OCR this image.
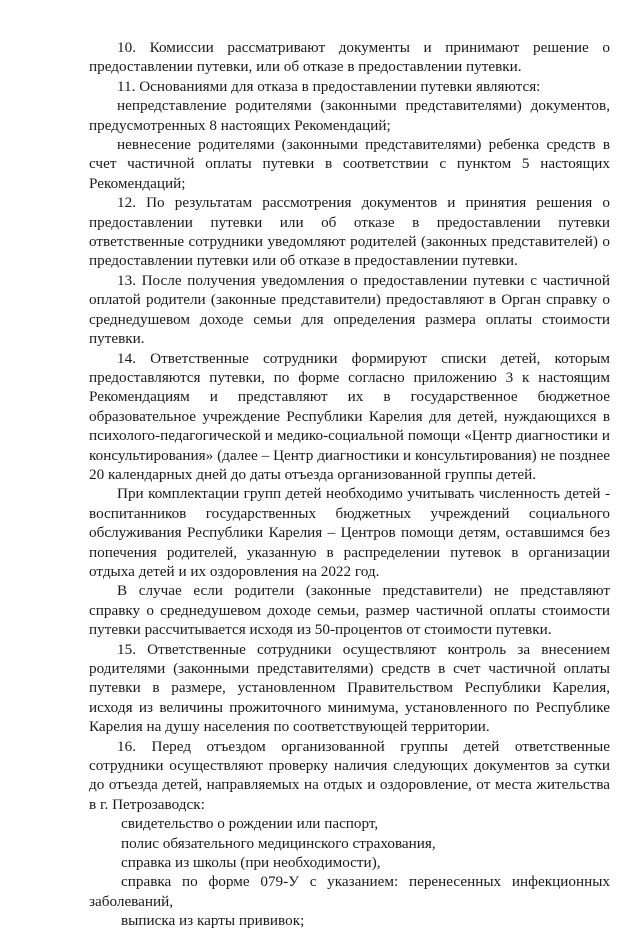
10. Комиссии рассматривают документы и принимают решение о предоставлении путевки, или об отказе в предоставлении путевки.

11. Основаниями для отказа в предоставлении путевки являются:

непредставление родителями (законными представителями) документов, предусмотренных 8 настоящих Рекомендаций;

невнесение родителями (законными представителями) ребенка средств в счет частичной оплаты путевки в соответствии с пунктом 5 настоящих Рекомендаций;

12. По результатам рассмотрения документов и принятия решения о предоставлении путевки или об отказе в предоставлении путевки ответственные сотрудники уведомляют родителей (законных представителей) о предоставлении путевки или об отказе в предоставлении путевки.

13. После получения уведомления о предоставлении путевки с частичной оплатой родители (законные представители) предоставляют в Орган справку о среднедушевом доходе семьи для определения размера оплаты стоимости путевки.

14. Ответственные сотрудники формируют списки детей, которым предоставляются путевки, по форме согласно приложению 3 к настоящим Рекомендациям и представляют их в государственное бюджетное образовательное учреждение Республики Карелия для детей, нуждающихся в психолого-педагогической и медико-социальной помощи «Центр диагностики и консультирования» (далее – Центр диагностики и консультирования) не позднее 20 календарных дней до даты отъезда организованной группы детей.

При комплектации групп детей необходимо учитывать численность детей - воспитанников государственных бюджетных учреждений социального обслуживания Республики Карелия – Центров помощи детям, оставшимся без попечения родителей, указанную в распределении путевок в организации отдыха детей и их оздоровления на 2022 год.

В случае если родители (законные представители) не представляют справку о среднедушевом доходе семьи, размер частичной оплаты стоимости путевки рассчитывается исходя из 50-процентов от стоимости путевки.

15. Ответственные сотрудники осуществляют контроль за внесением родителями (законными представителями) средств в счет частичной оплаты путевки в размере, установленном Правительством Республики Карелия, исходя из величины прожиточного минимума, установленного по Республике Карелия на душу населения по соответствующей территории.

16. Перед отъездом организованной группы детей ответственные сотрудники осуществляют проверку наличия следующих документов за сутки до отъезда детей, направляемых на отдых и оздоровление, от места жительства в г. Петрозаводск:

свидетельство о рождении или паспорт,

полис обязательного медицинского страхования,

справка из школы (при необходимости),

справка по форме 079-У с указанием: перенесенных инфекционных заболеваний,

выписка из карты прививок;
